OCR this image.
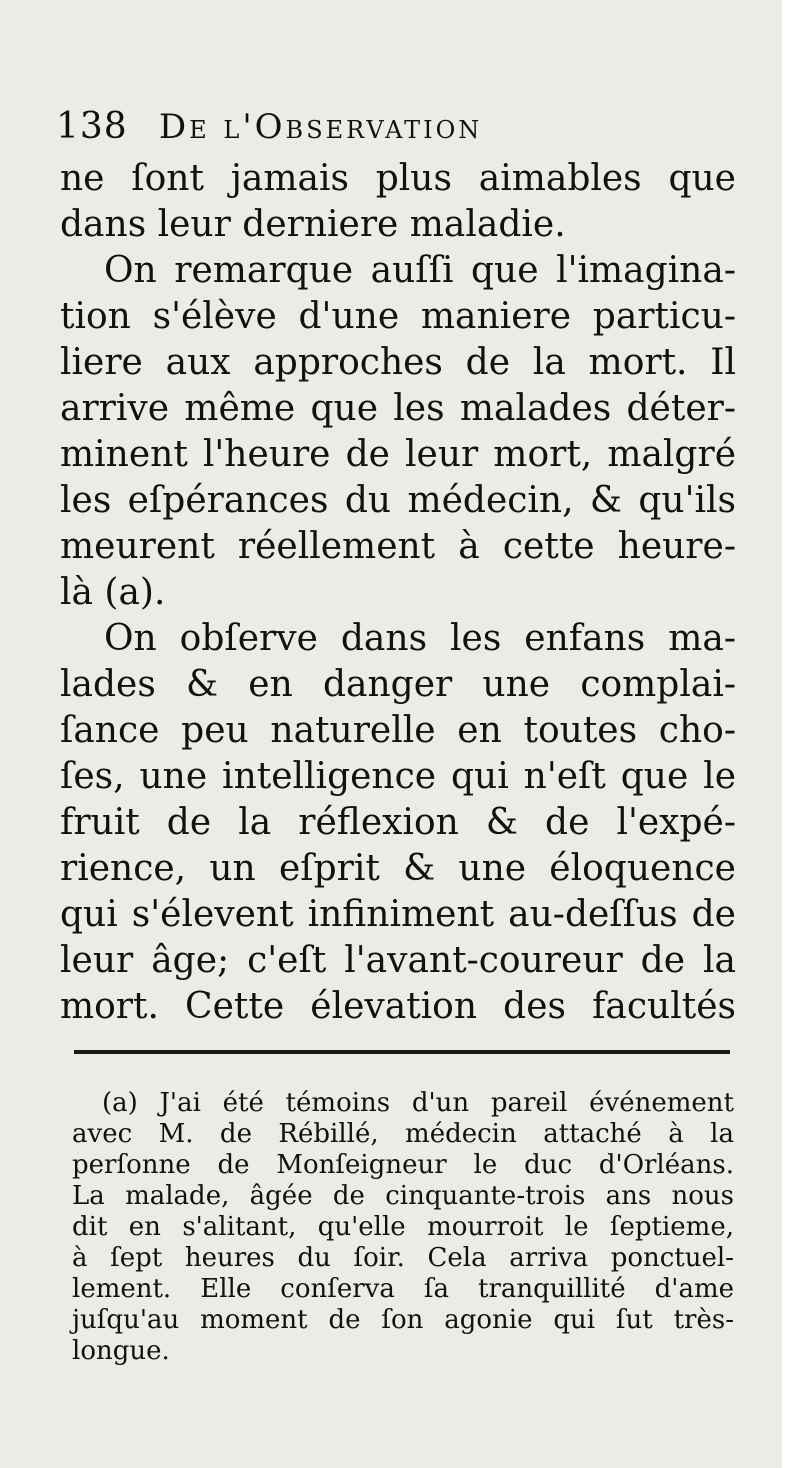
138 De l'Observation
ne ſont jamais plus aimables que
dans leur derniere maladie.
On remarque auſſi que l'imagina-
tion s'élève d'une maniere particu-
liere aux approches de la mort. Il
arrive même que les malades déter-
minent l'heure de leur mort, malgré
les eſpérances du médecin, & qu'ils
meurent réellement à cette heure-
là (a).
On obſerve dans les enfans ma-
lades & en danger une complai-
ſance peu naturelle en toutes cho-
ſes, une intelligence qui n'eſt que le
fruit de la réflexion & de l'expé-
rience, un eſprit & une éloquence
qui s'élevent infiniment au-deſſus de
leur âge; c'eſt l'avant-coureur de la
mort. Cette élevation des facultés
(a) J'ai été témoins d'un pareil événement
avec M. de Rébillé, médecin attaché à la
perſonne de Monſeigneur le duc d'Orléans.
La malade, âgée de cinquante-trois ans nous
dit en s'alitant, qu'elle mourroit le ſeptieme,
à ſept heures du ſoir. Cela arriva ponctuel-
lement. Elle conſerva ſa tranquillité d'ame
juſqu'au moment de ſon agonie qui ſut très-
longue.
